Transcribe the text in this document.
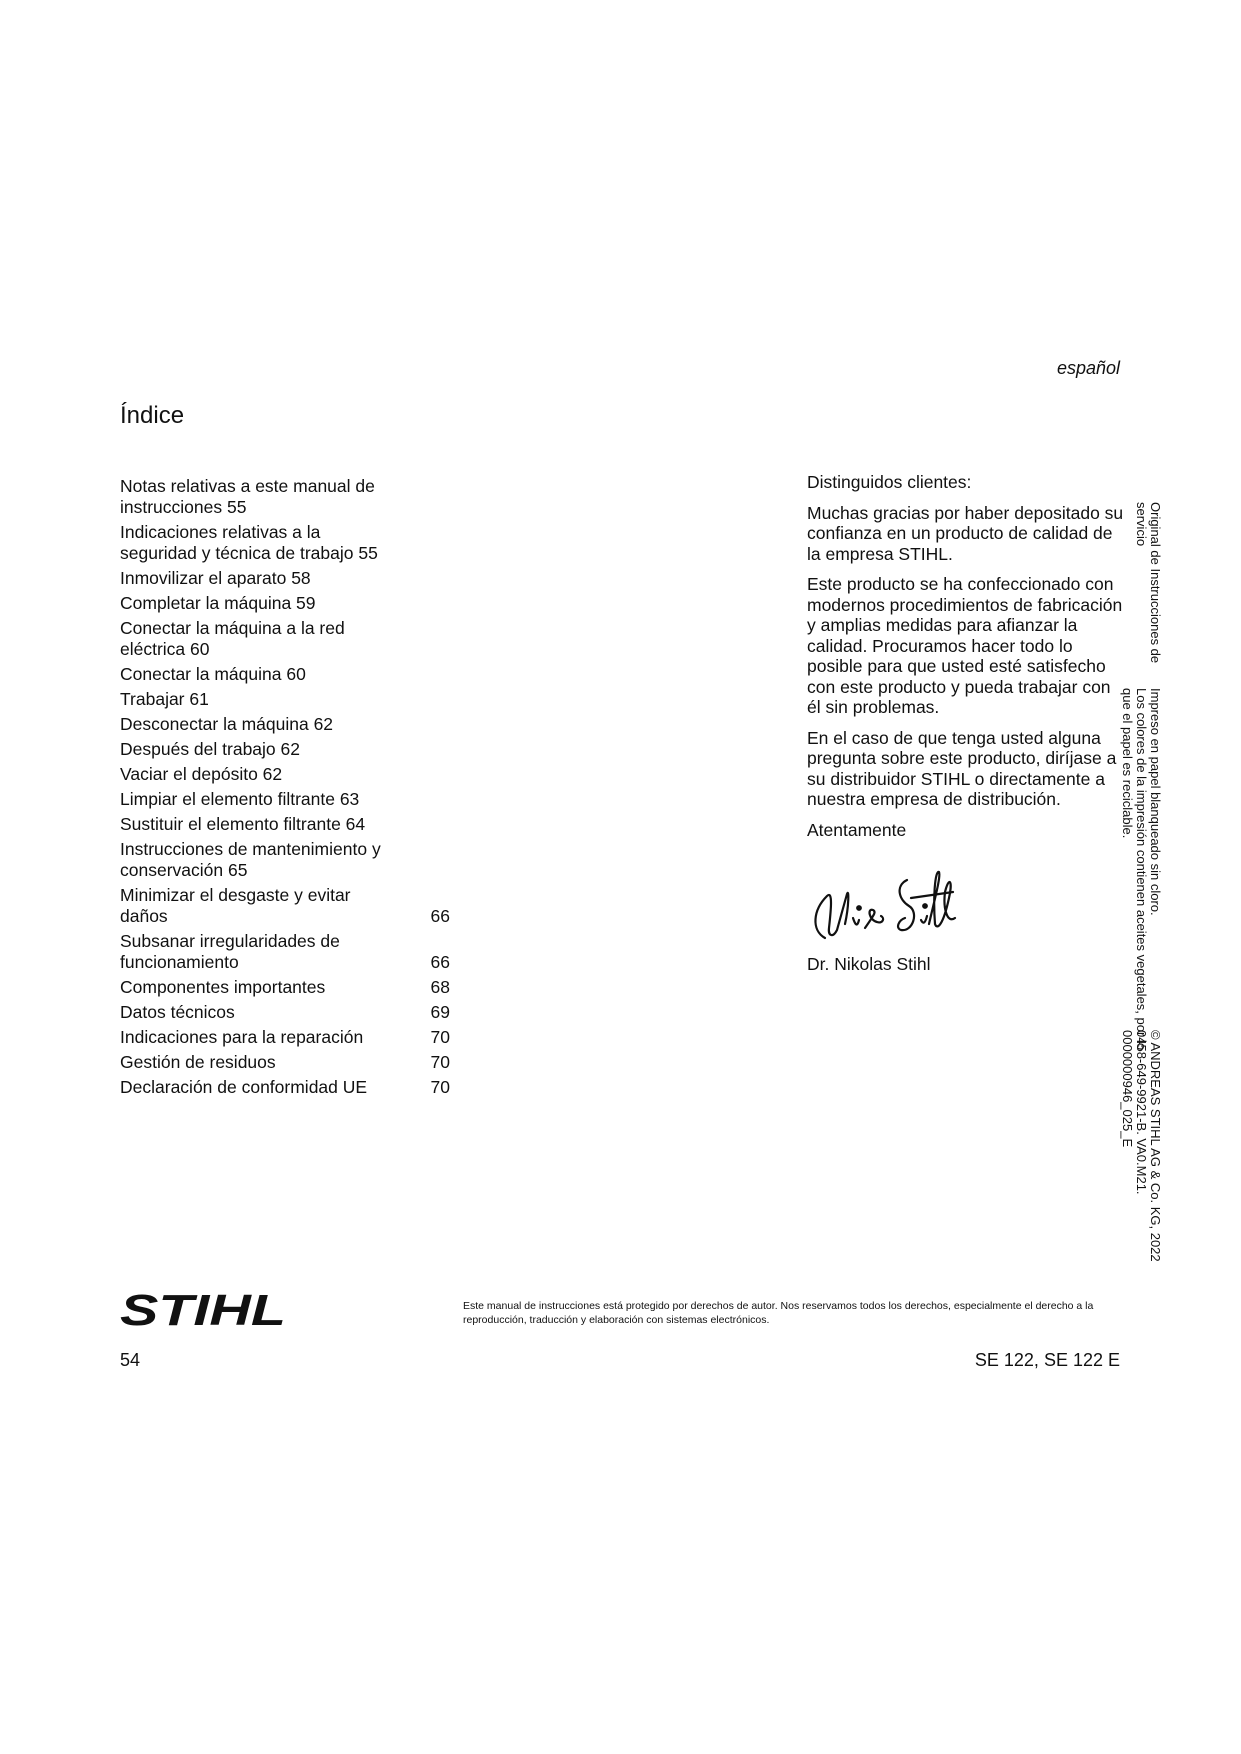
español
Índice
Notas relativas a este manual de instrucciones 55
Indicaciones relativas a la seguridad y técnica de trabajo 55
Inmovilizar el aparato 58
Completar la máquina 59
Conectar la máquina a la red eléctrica 60
Conectar la máquina 60
Trabajar 61
Desconectar la máquina 62
Después del trabajo 62
Vaciar el depósito 62
Limpiar el elemento filtrante 63
Sustituir el elemento filtrante 64
Instrucciones de mantenimiento y conservación 65
Minimizar el desgaste y evitar daños	66
Subsanar irregularidades de funcionamiento	66
Componentes importantes	68
Datos técnicos	69
Indicaciones para la reparación	70
Gestión de residuos	70
Declaración de conformidad UE	70

Distinguidos clientes:

Muchas gracias por haber depositado su confianza en un producto de calidad de la empresa STIHL.

Este producto se ha confeccionado con modernos procedimientos de fabricación y amplias medidas para afianzar la calidad. Procuramos hacer todo lo posible para que usted esté satisfecho con este producto y pueda trabajar con él sin problemas.

En el caso de que tenga usted alguna pregunta sobre este producto, diríjase a su distribuidor STIHL o directamente a nuestra empresa de distribución.

Atentamente

Dr. Nikolas Stihl
Original de Instrucciones de
servicio
Impreso en papel blanqueado sin cloro.
Los colores de la impresión contienen aceites vegetales, por lo
que el papel es reciclable.
© ANDREAS STIHL AG & Co. KG, 2022
0458-649-9921-B. VA0.M21.
0000000946_025_E
STIHL	Este manual de instrucciones está protegido por derechos de autor. Nos reservamos todos los derechos, especialmente el derecho a la reproducción, traducción y elaboración con sistemas electrónicos.
54	SE 122, SE 122 E
